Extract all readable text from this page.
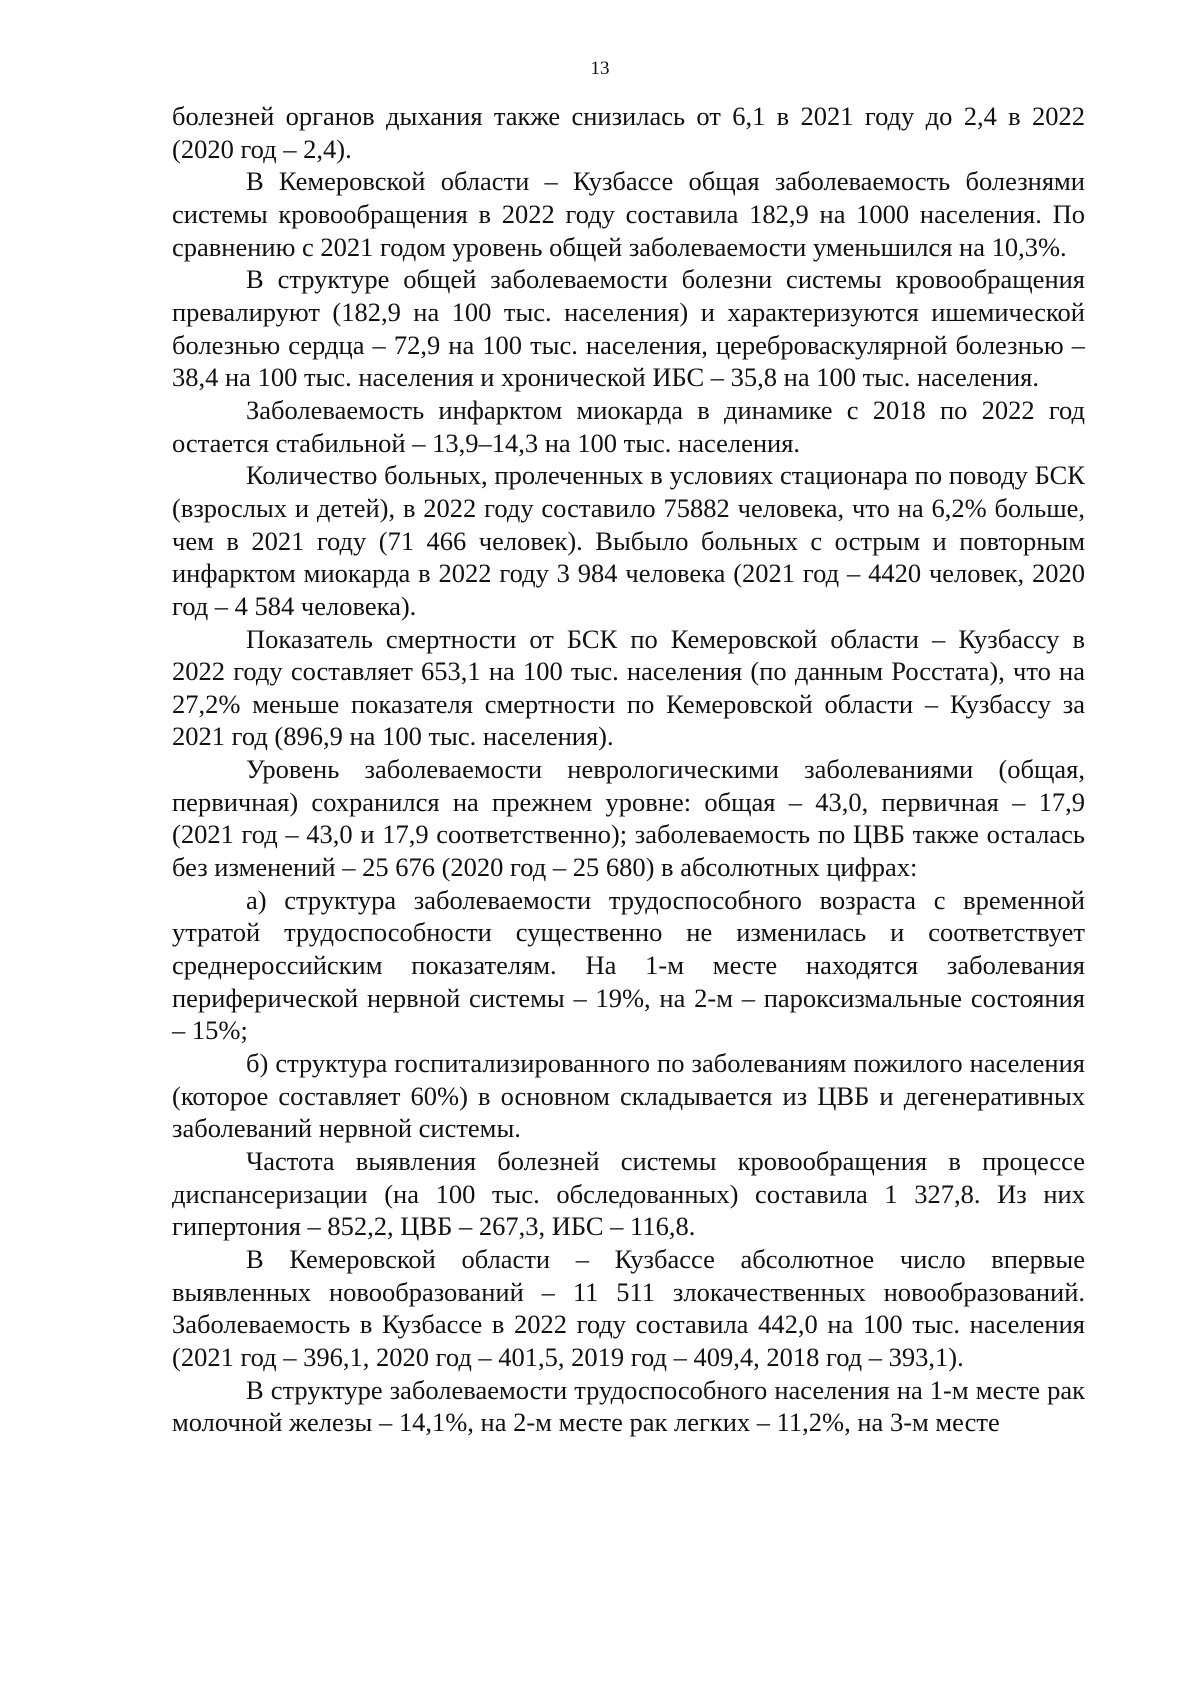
13

болезней органов дыхания также снизилась от 6,1 в 2021 году до 2,4 в 2022 (2020 год – 2,4).

В Кемеровской области – Кузбассе общая заболеваемость болезнями системы кровообращения в 2022 году составила 182,9 на 1000 населения. По сравнению с 2021 годом уровень общей заболеваемости уменьшился на 10,3%.

В структуре общей заболеваемости болезни системы кровообращения превалируют (182,9 на 100 тыс. населения) и характеризуются ишемической болезнью сердца – 72,9 на 100 тыс. населения, цереброваскулярной болезнью – 38,4 на 100 тыс. населения и хронической ИБС – 35,8 на 100 тыс. населения.

Заболеваемость инфарктом миокарда в динамике с 2018 по 2022 год остается стабильной – 13,9–14,3 на 100 тыс. населения.

Количество больных, пролеченных в условиях стационара по поводу БСК (взрослых и детей), в 2022 году составило 75882 человека, что на 6,2% больше, чем в 2021 году (71 466 человек). Выбыло больных с острым и повторным инфарктом миокарда в 2022 году 3 984 человека (2021 год – 4420 человек, 2020 год – 4 584 человека).

Показатель смертности от БСК по Кемеровской области – Кузбассу в 2022 году составляет 653,1 на 100 тыс. населения (по данным Росстата), что на 27,2% меньше показателя смертности по Кемеровской области – Кузбассу за 2021 год (896,9 на 100 тыс. населения).

Уровень заболеваемости неврологическими заболеваниями (общая, первичная) сохранился на прежнем уровне: общая – 43,0, первичная – 17,9 (2021 год – 43,0 и 17,9 соответственно); заболеваемость по ЦВБ также осталась без изменений – 25 676 (2020 год – 25 680) в абсолютных цифрах:

а) структура заболеваемости трудоспособного возраста с временной утратой трудоспособности существенно не изменилась и соответствует среднероссийским показателям. На 1-м месте находятся заболевания периферической нервной системы – 19%, на 2-м – пароксизмальные состояния – 15%;

б) структура госпитализированного по заболеваниям пожилого населения (которое составляет 60%) в основном складывается из ЦВБ и дегенеративных заболеваний нервной системы.

Частота выявления болезней системы кровообращения в процессе диспансеризации (на 100 тыс. обследованных) составила 1 327,8. Из них гипертония – 852,2, ЦВБ – 267,3, ИБС – 116,8.

В Кемеровской области – Кузбассе абсолютное число впервые выявленных новообразований – 11 511 злокачественных новообразований. Заболеваемость в Кузбассе в 2022 году составила 442,0 на 100 тыс. населения (2021 год – 396,1, 2020 год – 401,5, 2019 год – 409,4, 2018 год – 393,1).

В структуре заболеваемости трудоспособного населения на 1-м месте рак молочной железы – 14,1%, на 2-м месте рак легких – 11,2%, на 3-м месте
